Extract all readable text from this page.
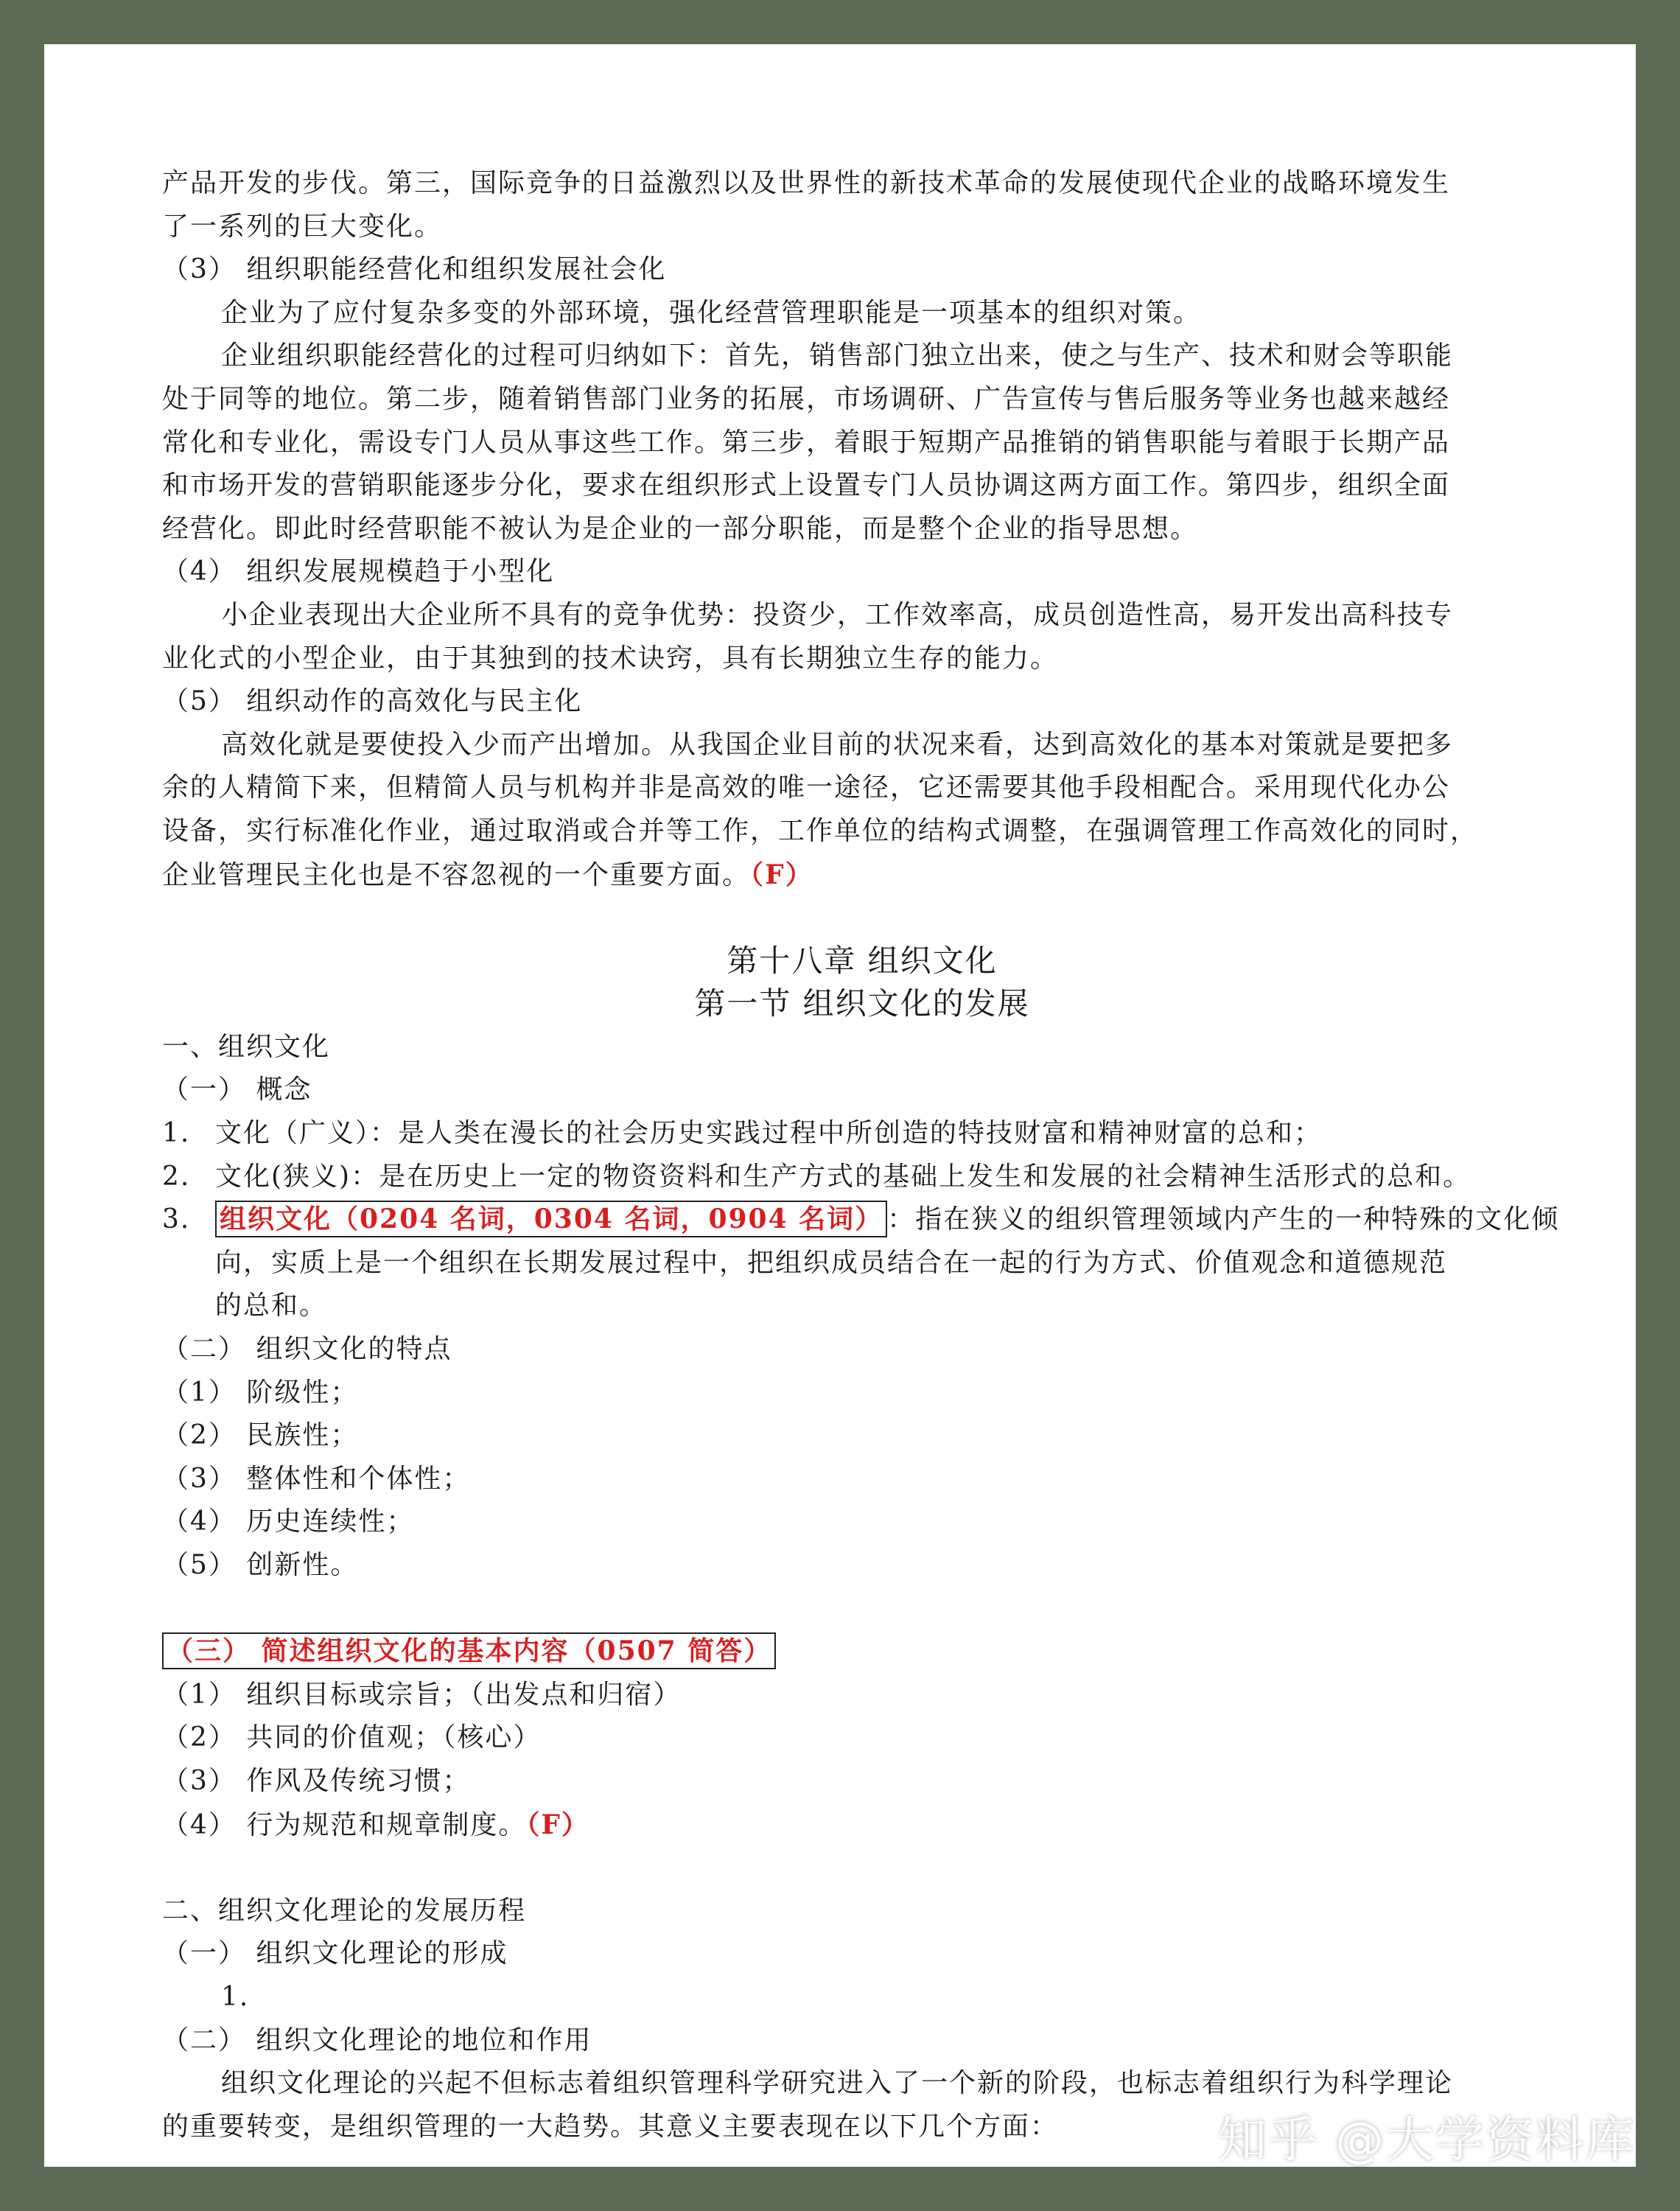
产品开发的步伐。第三，国际竞争的日益激烈以及世界性的新技术革命的发展使现代企业的战略环境发生
了一系列的巨大变化。
（3） 组织职能经营化和组织发展社会化
企业为了应付复杂多变的外部环境，强化经营管理职能是一项基本的组织对策。
企业组织职能经营化的过程可归纳如下：首先，销售部门独立出来，使之与生产、技术和财会等职能
处于同等的地位。第二步，随着销售部门业务的拓展，市场调研、广告宣传与售后服务等业务也越来越经
常化和专业化，需设专门人员从事这些工作。第三步，着眼于短期产品推销的销售职能与着眼于长期产品
和市场开发的营销职能逐步分化，要求在组织形式上设置专门人员协调这两方面工作。第四步，组织全面
经营化。即此时经营职能不被认为是企业的一部分职能，而是整个企业的指导思想。
（4） 组织发展规模趋于小型化
小企业表现出大企业所不具有的竞争优势：投资少，工作效率高，成员创造性高，易开发出高科技专
业化式的小型企业，由于其独到的技术诀窍，具有长期独立生存的能力。
（5） 组织动作的高效化与民主化
高效化就是要使投入少而产出增加。从我国企业目前的状况来看，达到高效化的基本对策就是要把多
余的人精简下来，但精简人员与机构并非是高效的唯一途径，它还需要其他手段相配合。采用现代化办公
设备，实行标准化作业，通过取消或合并等工作，工作单位的结构式调整，在强调管理工作高效化的同时，
企业管理民主化也是不容忽视的一个重要方面。（F）
第十八章 组织文化
第一节 组织文化的发展
一、组织文化
（一） 概念
1. 文化（广义）：是人类在漫长的社会历史实践过程中所创造的特技财富和精神财富的总和；
2. 文化(狭义)：是在历史上一定的物资资料和生产方式的基础上发生和发展的社会精神生活形式的总和。
3. 组织文化（0204 名词，0304 名词，0904 名词） ：指在狭义的组织管理领域内产生的一种特殊的文化倾
向，实质上是一个组织在长期发展过程中，把组织成员结合在一起的行为方式、价值观念和道德规范
的总和。
（二） 组织文化的特点
（1） 阶级性；
（2） 民族性；
（3） 整体性和个体性；
（4） 历史连续性；
（5） 创新性。
（三） 简述组织文化的基本内容（0507 简答）
（1） 组织目标或宗旨；（出发点和归宿）
（2） 共同的价值观；（核心）
（3） 作风及传统习惯；
（4） 行为规范和规章制度。（F）
二、组织文化理论的发展历程
（一） 组织文化理论的形成
1.
（二） 组织文化理论的地位和作用
组织文化理论的兴起不但标志着组织管理科学研究进入了一个新的阶段，也标志着组织行为科学理论
的重要转变，是组织管理的一大趋势。其意义主要表现在以下几个方面：	知乎 @大学资料库
